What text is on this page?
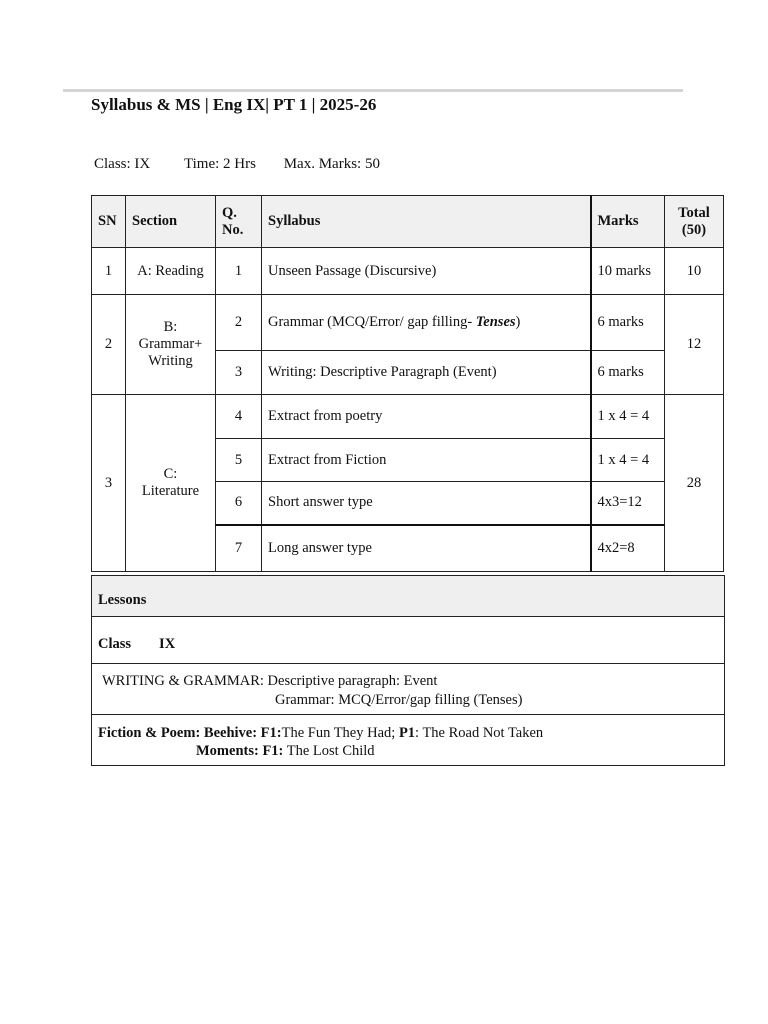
Syllabus & MS | Eng IX| PT 1 | 2025-26
Class: IX Time: 2 Hrs Max. Marks: 50
SN	Section	Q.
No.	Syllabus	Marks	Total
(50)
1	A: Reading	1	Unseen Passage (Discursive)	10 marks	10
2	B:
Grammar+
Writing	2	Grammar (MCQ/Error/ gap filling- Tenses)	6 marks	12
		3	Writing: Descriptive Paragraph (Event)	6 marks	
3	C:
Literature	4	Extract from poetry	1 x 4 = 4	28
		5	Extract from Fiction	1 x 4 = 4	
		6	Short answer type	4x3=12	
		7	Long answer type	4x2=8	
Lessons
Class IX
WRITING & GRAMMAR: Descriptive paragraph: Event
Grammar: MCQ/Error/gap filling (Tenses)
Fiction & Poem: Beehive: F1:The Fun They Had; P1: The Road Not Taken
Moments: F1: The Lost Child
